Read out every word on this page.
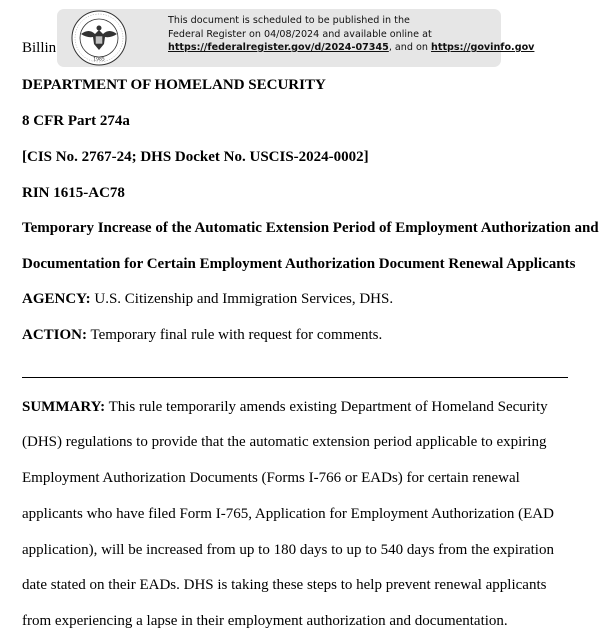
Billin
1985
This document is scheduled to be published in the
Federal Register on 04/08/2024 and available online at
https://federalregister.gov/d/2024-07345, and on https://govinfo.gov
DEPARTMENT OF HOMELAND SECURITY
8 CFR Part 274a
[CIS No. 2767-24; DHS Docket No. USCIS-2024-0002]
RIN 1615-AC78
Temporary Increase of the Automatic Extension Period of Employment Authorization and
Documentation for Certain Employment Authorization Document Renewal Applicants
AGENCY: U.S. Citizenship and Immigration Services, DHS.
ACTION: Temporary final rule with request for comments.
SUMMARY: This rule temporarily amends existing Department of Homeland Security
(DHS) regulations to provide that the automatic extension period applicable to expiring
Employment Authorization Documents (Forms I-766 or EADs) for certain renewal
applicants who have filed Form I-765, Application for Employment Authorization (EAD
application), will be increased from up to 180 days to up to 540 days from the expiration
date stated on their EADs. DHS is taking these steps to help prevent renewal applicants
from experiencing a lapse in their employment authorization and documentation.
